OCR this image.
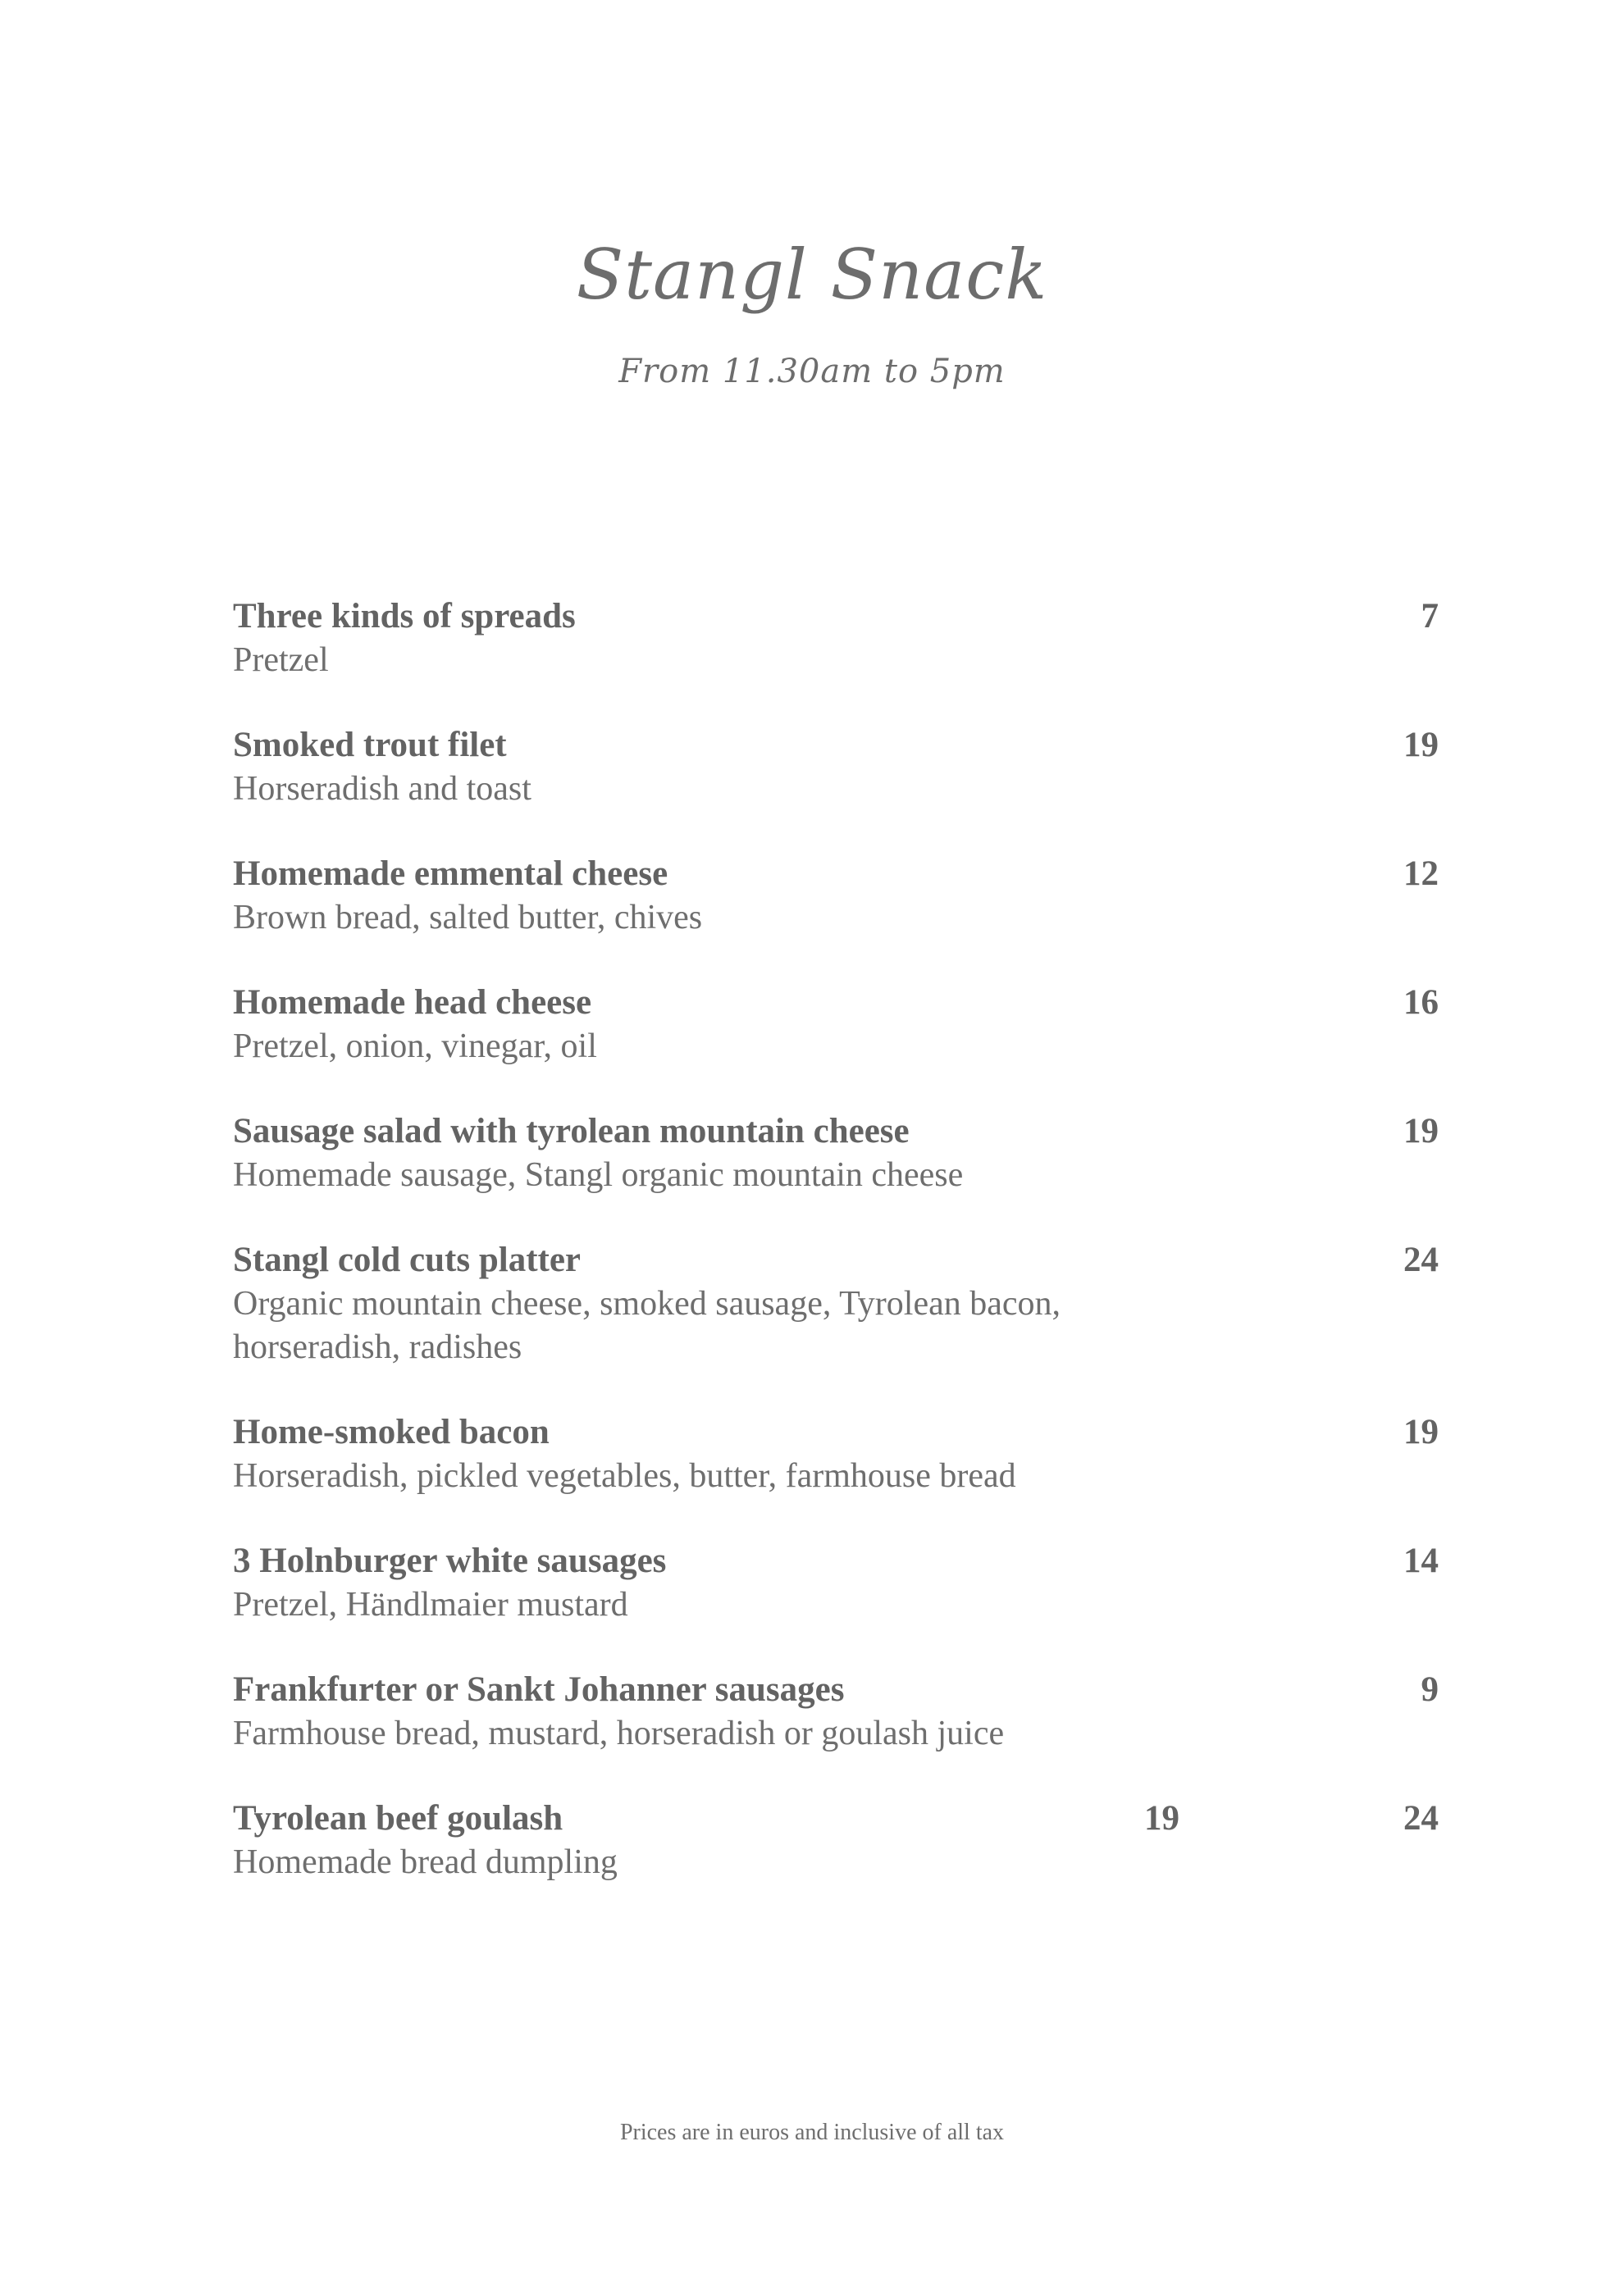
Stangl Snack
From 11.30am to 5pm
Three kinds of spreads
Pretzel
7
Smoked trout filet
Horseradish and toast
19
Homemade emmental cheese
Brown bread, salted butter, chives
12
Homemade head cheese
Pretzel, onion, vinegar, oil
16
Sausage salad with tyrolean mountain cheese
Homemade sausage, Stangl organic mountain cheese
19
Stangl cold cuts platter
Organic mountain cheese, smoked sausage, Tyrolean bacon, horseradish, radishes
24
Home-smoked bacon
Horseradish, pickled vegetables, butter, farmhouse bread
19
3 Holnburger white sausages
Pretzel, Händlmaier mustard
14
Frankfurter or Sankt Johanner sausages
Farmhouse bread, mustard, horseradish or goulash juice
9
Tyrolean beef goulash
Homemade bread dumpling
19	24
Prices are in euros and inclusive of all tax
